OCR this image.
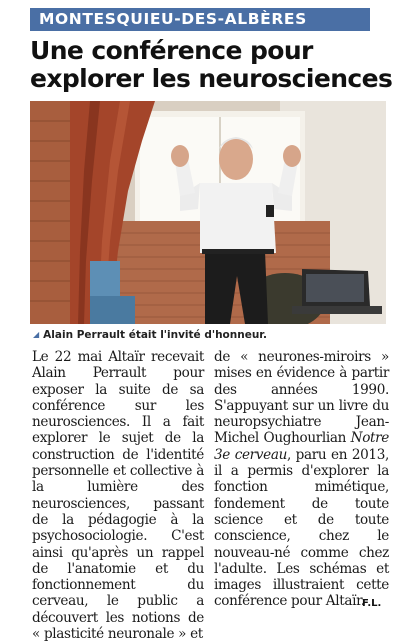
MONTESQUIEU-DES-ALBÈRES
Une conférence pour explorer les neurosciences
◢ Alain Perrault était l'invité d'honneur.

Le 22 mai Altaïr recevait Alain Perrault pour exposer la suite de sa conférence sur les neurosciences. Il a fait explorer le sujet de la construction de l'identité personnelle et collective à la lumière des neurosciences, passant de la pédagogie à la psychosociologie. C'est ainsi qu'après un rappel de l'anatomie et du fonctionnement du cerveau, le public a découvert les notions de « plasticité neuronale » et

de « neurones-miroirs » mises en évidence à partir des années 1990. S'appuyant sur un livre du neuropsychiatre Jean-Michel Oughourlian Notre 3e cerveau, paru en 2013, il a permis d'explorer la fonction mimétique, fondement de toute science et de toute conscience, chez le nouveau-né comme chez l'adulte. Les schémas et images illustraient cette conférence pour Altaïr.

F.L.
